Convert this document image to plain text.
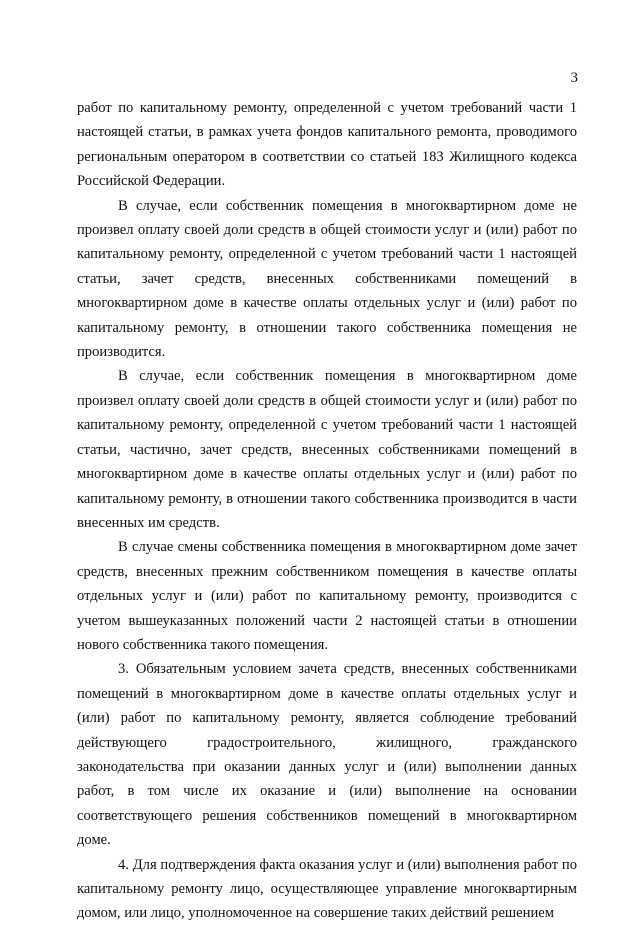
3

работ по капитальному ремонту, определенной с учетом требований части 1 настоящей статьи, в рамках учета фондов капитального ремонта, проводимого региональным оператором в соответствии со статьей 183 Жилищного кодекса Российской Федерации.

В случае, если собственник помещения в многоквартирном доме не произвел оплату своей доли средств в общей стоимости услуг и (или) работ по капитальному ремонту, определенной с учетом требований части 1 настоящей статьи, зачет средств, внесенных собственниками помещений в многоквартирном доме в качестве оплаты отдельных услуг и (или) работ по капитальному ремонту, в отношении такого собственника помещения не производится.

В случае, если собственник помещения в многоквартирном доме произвел оплату своей доли средств в общей стоимости услуг и (или) работ по капитальному ремонту, определенной с учетом требований части 1 настоящей статьи, частично, зачет средств, внесенных собственниками помещений в многоквартирном доме в качестве оплаты отдельных услуг и (или) работ по капитальному ремонту, в отношении такого собственника производится в части внесенных им средств.

В случае смены собственника помещения в многоквартирном доме зачет средств, внесенных прежним собственником помещения в качестве оплаты отдельных услуг и (или) работ по капитальному ремонту, производится с учетом вышеуказанных положений части 2 настоящей статьи в отношении нового собственника такого помещения.

3. Обязательным условием зачета средств, внесенных собственниками помещений в многоквартирном доме в качестве оплаты отдельных услуг и (или) работ по капитальному ремонту, является соблюдение требований действующего градостроительного, жилищного, гражданского законодательства при оказании данных услуг и (или) выполнении данных работ, в том числе их оказание и (или) выполнение на основании соответствующего решения собственников помещений в многоквартирном доме.

4. Для подтверждения факта оказания услуг и (или) выполнения работ по капитальному ремонту лицо, осуществляющее управление многоквартирным домом, или лицо, уполномоченное на совершение таких действий решением
